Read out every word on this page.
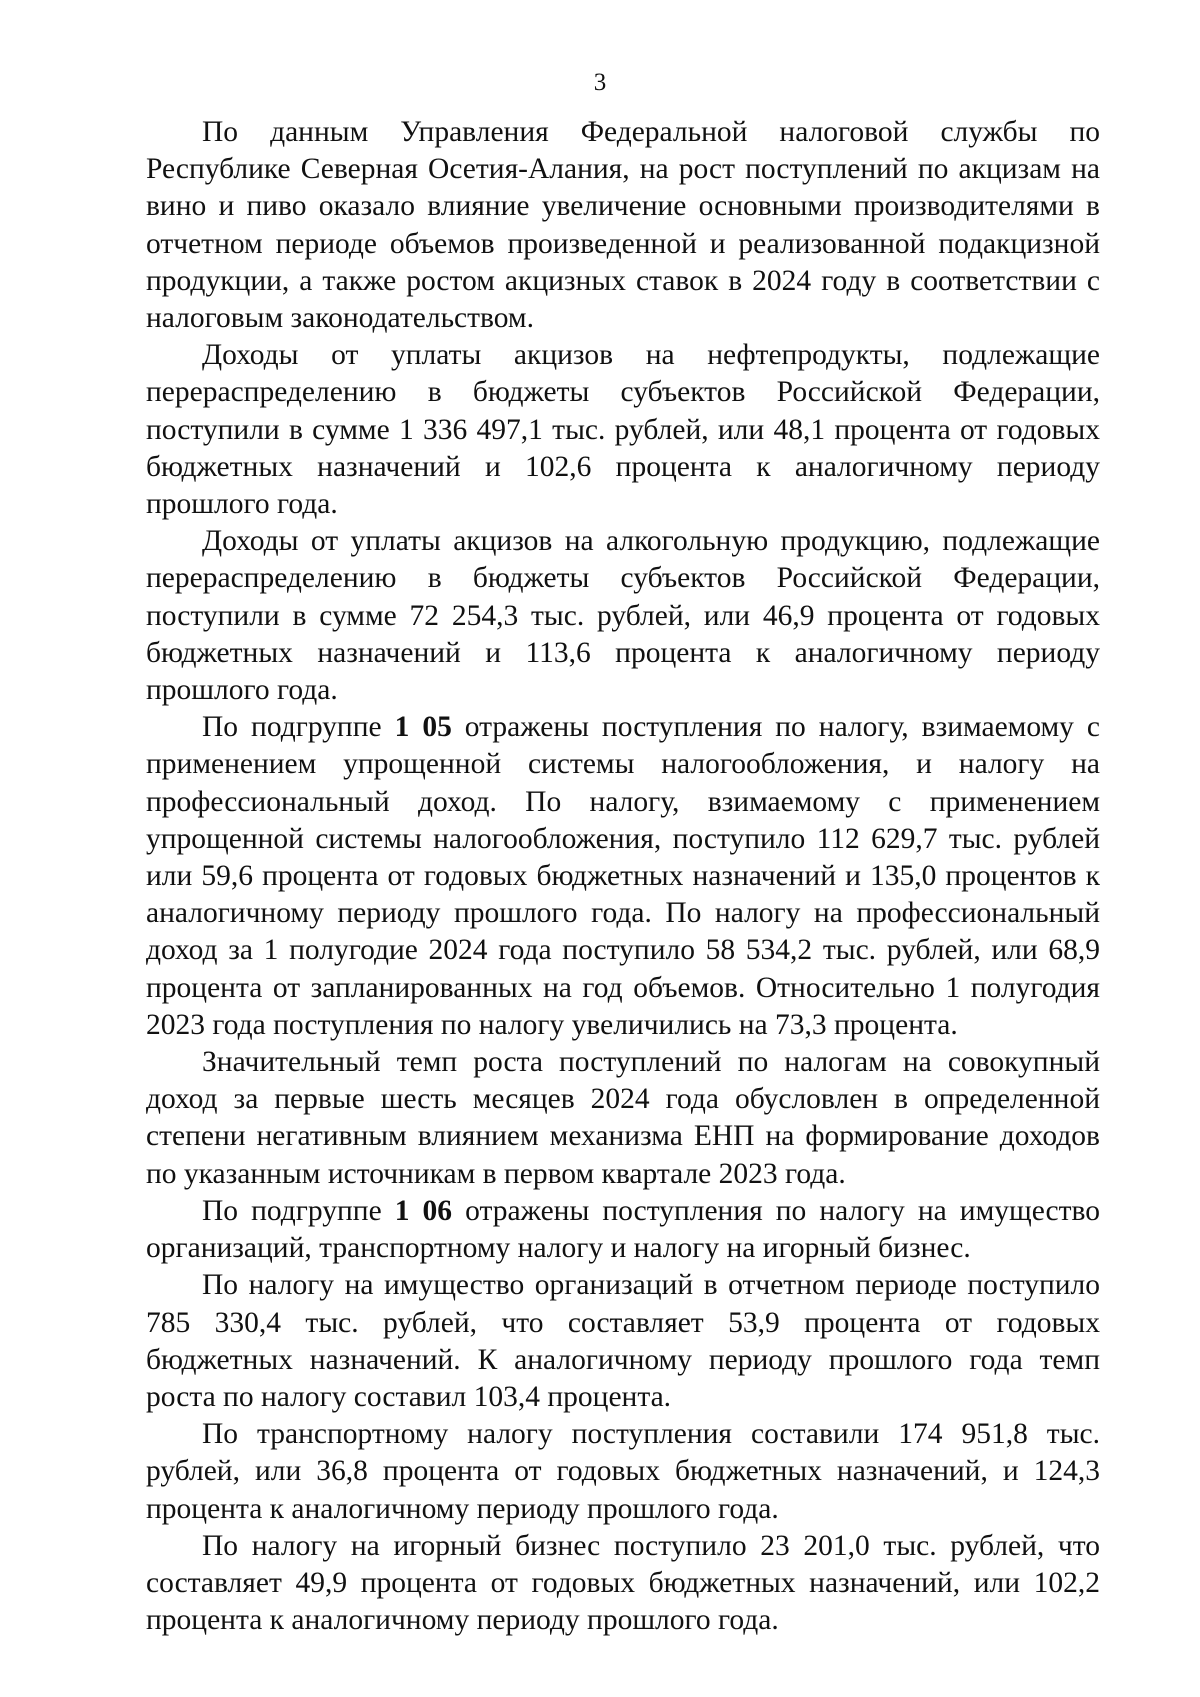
3

По данным Управления Федеральной налоговой службы по Республике Северная Осетия-Алания, на рост поступлений по акцизам на вино и пиво оказало влияние увеличение основными производителями в отчетном периоде объемов произведенной и реализованной подакцизной продукции, а также ростом акцизных ставок в 2024 году в соответствии с налоговым законодательством.

Доходы от уплаты акцизов на нефтепродукты, подлежащие перераспределению в бюджеты субъектов Российской Федерации, поступили в сумме 1 336 497,1 тыс. рублей, или 48,1 процента от годовых бюджетных назначений и 102,6 процента к аналогичному периоду прошлого года.

Доходы от уплаты акцизов на алкогольную продукцию, подлежащие перераспределению в бюджеты субъектов Российской Федерации, поступили в сумме 72 254,3 тыс. рублей, или 46,9 процента от годовых бюджетных назначений и 113,6 процента к аналогичному периоду прошлого года.

По подгруппе 1 05 отражены поступления по налогу, взимаемому с применением упрощенной системы налогообложения, и налогу на профессиональный доход. По налогу, взимаемому с применением упрощенной системы налогообложения, поступило 112 629,7 тыс. рублей или 59,6 процента от годовых бюджетных назначений и 135,0 процентов к аналогичному периоду прошлого года. По налогу на профессиональный доход за 1 полугодие 2024 года поступило 58 534,2 тыс. рублей, или 68,9 процента от запланированных на год объемов. Относительно 1 полугодия 2023 года поступления по налогу увеличились на 73,3 процента.

Значительный темп роста поступлений по налогам на совокупный доход за первые шесть месяцев 2024 года обусловлен в определенной степени негативным влиянием механизма ЕНП на формирование доходов по указанным источникам в первом квартале 2023 года.

По подгруппе 1 06 отражены поступления по налогу на имущество организаций, транспортному налогу и налогу на игорный бизнес.

По налогу на имущество организаций в отчетном периоде поступило 785 330,4 тыс. рублей, что составляет 53,9 процента от годовых бюджетных назначений. К аналогичному периоду прошлого года темп роста по налогу составил 103,4 процента.

По транспортному налогу поступления составили 174 951,8 тыс. рублей, или 36,8 процента от годовых бюджетных назначений, и 124,3 процента к аналогичному периоду прошлого года.

По налогу на игорный бизнес поступило 23 201,0 тыс. рублей, что составляет 49,9 процента от годовых бюджетных назначений, или 102,2 процента к аналогичному периоду прошлого года.
